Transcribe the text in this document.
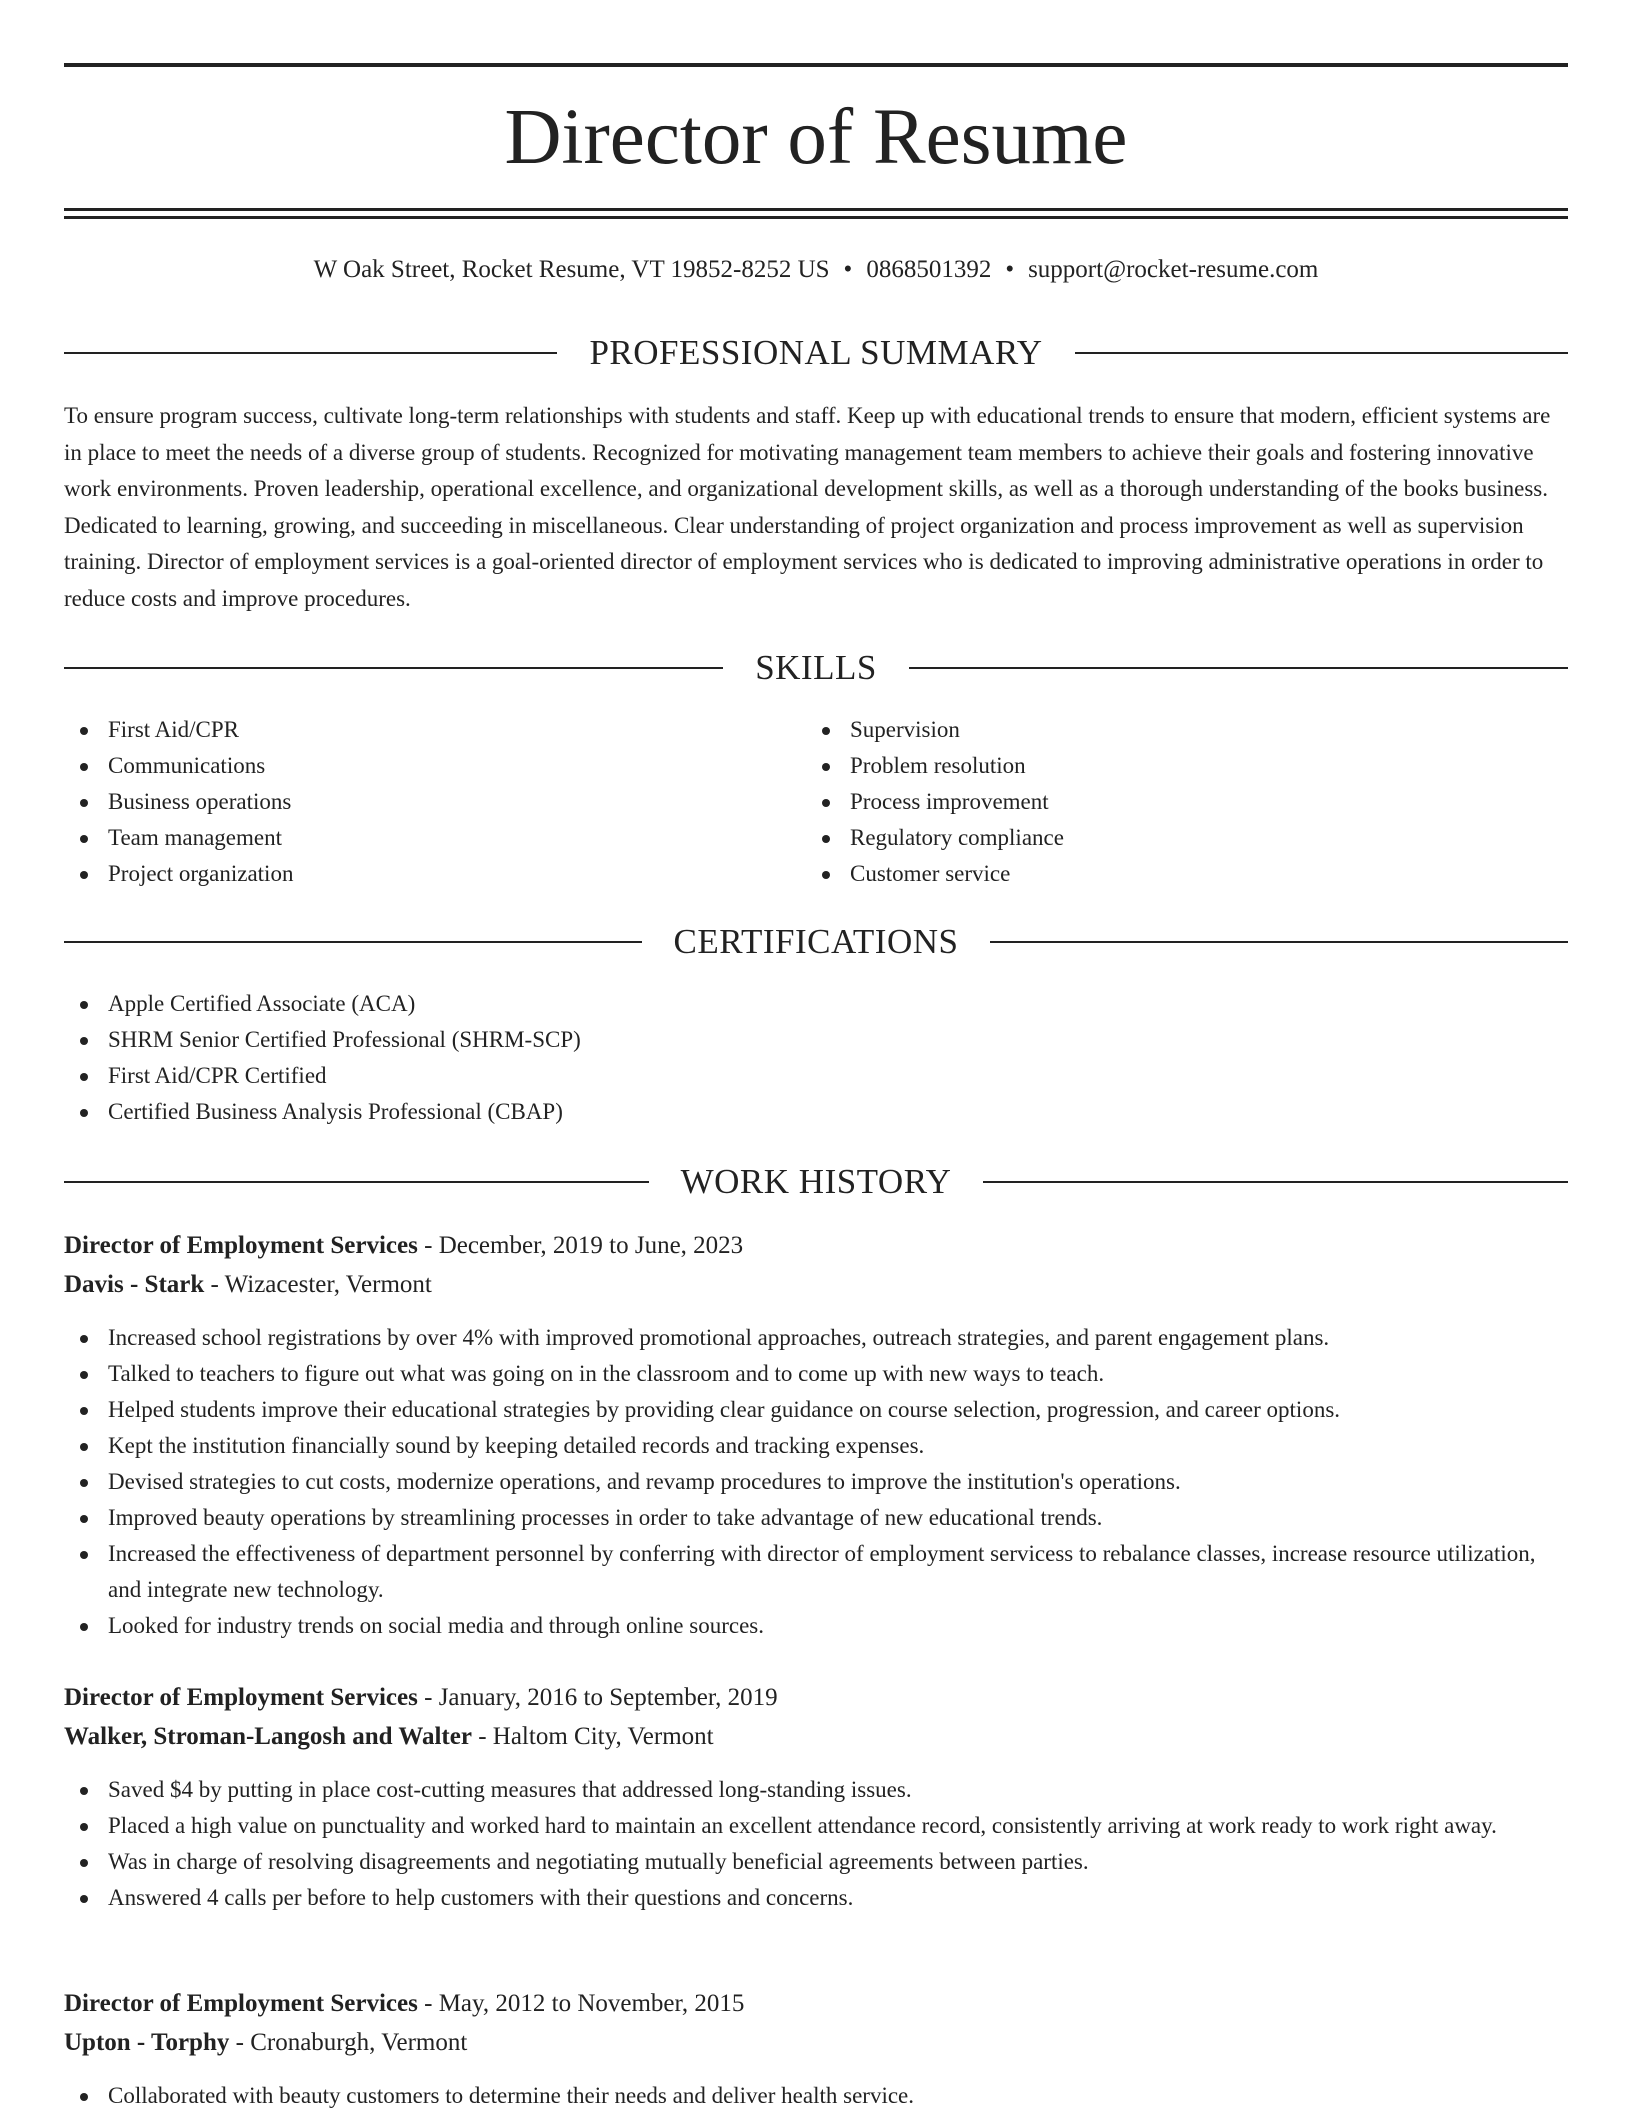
Director of Resume
W Oak Street, Rocket Resume, VT 19852-8252 US • 0868501392 • support@rocket-resume.com
PROFESSIONAL SUMMARY

To ensure program success, cultivate long-term relationships with students and staff. Keep up with educational trends to ensure that modern, efficient systems are in place to meet the needs of a diverse group of students. Recognized for motivating management team members to achieve their goals and fostering innovative work environments. Proven leadership, operational excellence, and organizational development skills, as well as a thorough understanding of the books business. Dedicated to learning, growing, and succeeding in miscellaneous. Clear understanding of project organization and process improvement as well as supervision training. Director of employment services is a goal-oriented director of employment services who is dedicated to improving administrative operations in order to reduce costs and improve procedures.

SKILLS
First Aid/CPR
Communications
Business operations
Team management
Project organization
Supervision
Problem resolution
Process improvement
Regulatory compliance
Customer service
CERTIFICATIONS
Apple Certified Associate (ACA)
SHRM Senior Certified Professional (SHRM-SCP)
First Aid/CPR Certified
Certified Business Analysis Professional (CBAP)
WORK HISTORY
Director of Employment Services - December, 2019 to June, 2023
Davis - Stark - Wizacester, Vermont
Increased school registrations by over 4% with improved promotional approaches, outreach strategies, and parent engagement plans.
Talked to teachers to figure out what was going on in the classroom and to come up with new ways to teach.
Helped students improve their educational strategies by providing clear guidance on course selection, progression, and career options.
Kept the institution financially sound by keeping detailed records and tracking expenses.
Devised strategies to cut costs, modernize operations, and revamp procedures to improve the institution's operations.
Improved beauty operations by streamlining processes in order to take advantage of new educational trends.
Increased the effectiveness of department personnel by conferring with director of employment servicess to rebalance classes, increase resource utilization, and integrate new technology.
Looked for industry trends on social media and through online sources.
Director of Employment Services - January, 2016 to September, 2019
Walker, Stroman-Langosh and Walter - Haltom City, Vermont
Saved $4 by putting in place cost-cutting measures that addressed long-standing issues.
Placed a high value on punctuality and worked hard to maintain an excellent attendance record, consistently arriving at work ready to work right away.
Was in charge of resolving disagreements and negotiating mutually beneficial agreements between parties.
Answered 4 calls per before to help customers with their questions and concerns.
Director of Employment Services - May, 2012 to November, 2015
Upton - Torphy - Cronaburgh, Vermont
Collaborated with beauty customers to determine their needs and deliver health service.
